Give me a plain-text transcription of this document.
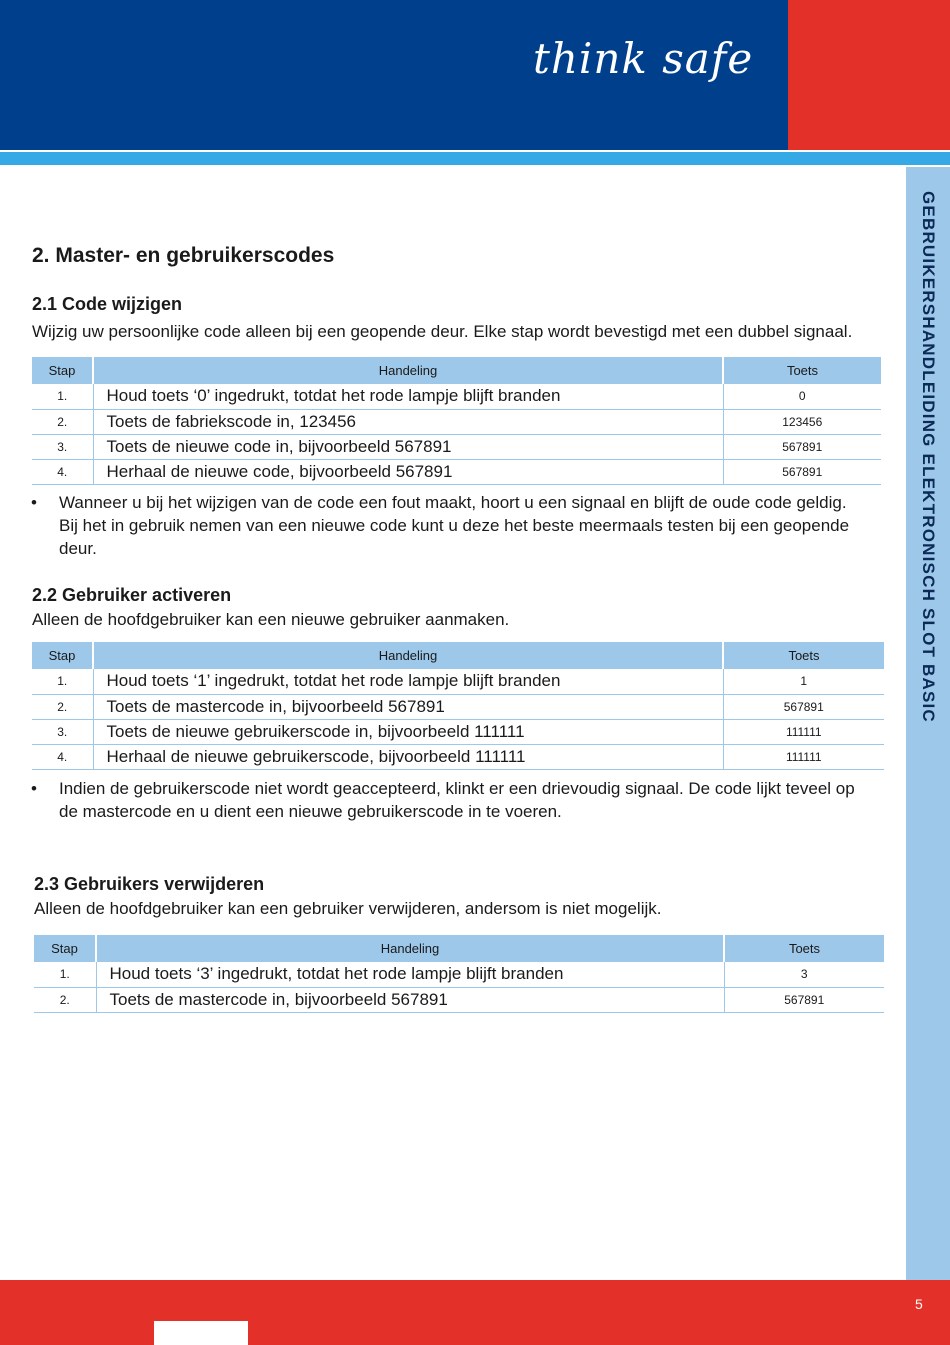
think safe
GEBRUIKERSHANDLEIDING ELEKTRONISCH SLOT BASIC
5
2. Master- en gebruikerscodes
2.1 Code wijzigen
Wijzig uw persoonlijke code alleen bij een geopende deur. Elke stap wordt bevestigd met een dubbel signaal.
Stap	Handeling	Toets
1.	Houd toets ‘0’ ingedrukt, totdat het rode lampje blijft branden	0
2.	Toets de fabriekscode in, 123456	123456
3.	Toets de nieuwe code in, bijvoorbeeld 567891	567891
4.	Herhaal de nieuwe code, bijvoorbeeld 567891	567891
• Wanneer u bij het wijzigen van de code een fout maakt, hoort u een signaal en blijft de oude code geldig.
Bij het in gebruik nemen van een nieuwe code kunt u deze het beste meermaals testen bij een geopende
deur.
2.2 Gebruiker activeren
Alleen de hoofdgebruiker kan een nieuwe gebruiker aanmaken.
Stap	Handeling	Toets
1.	Houd toets ‘1’ ingedrukt, totdat het rode lampje blijft branden	1
2.	Toets de mastercode in, bijvoorbeeld 567891	567891
3.	Toets de nieuwe gebruikerscode in, bijvoorbeeld 111111	111111
4.	Herhaal de nieuwe gebruikerscode, bijvoorbeeld 111111	111111
• Indien de gebruikerscode niet wordt geaccepteerd, klinkt er een drievoudig signaal. De code lijkt teveel op
de mastercode en u dient een nieuwe gebruikerscode in te voeren.
2.3 Gebruikers verwijderen
Alleen de hoofdgebruiker kan een gebruiker verwijderen, andersom is niet mogelijk.
Stap	Handeling	Toets
1.	Houd toets ‘3’ ingedrukt, totdat het rode lampje blijft branden	3
2.	Toets de mastercode in, bijvoorbeeld 567891	567891
